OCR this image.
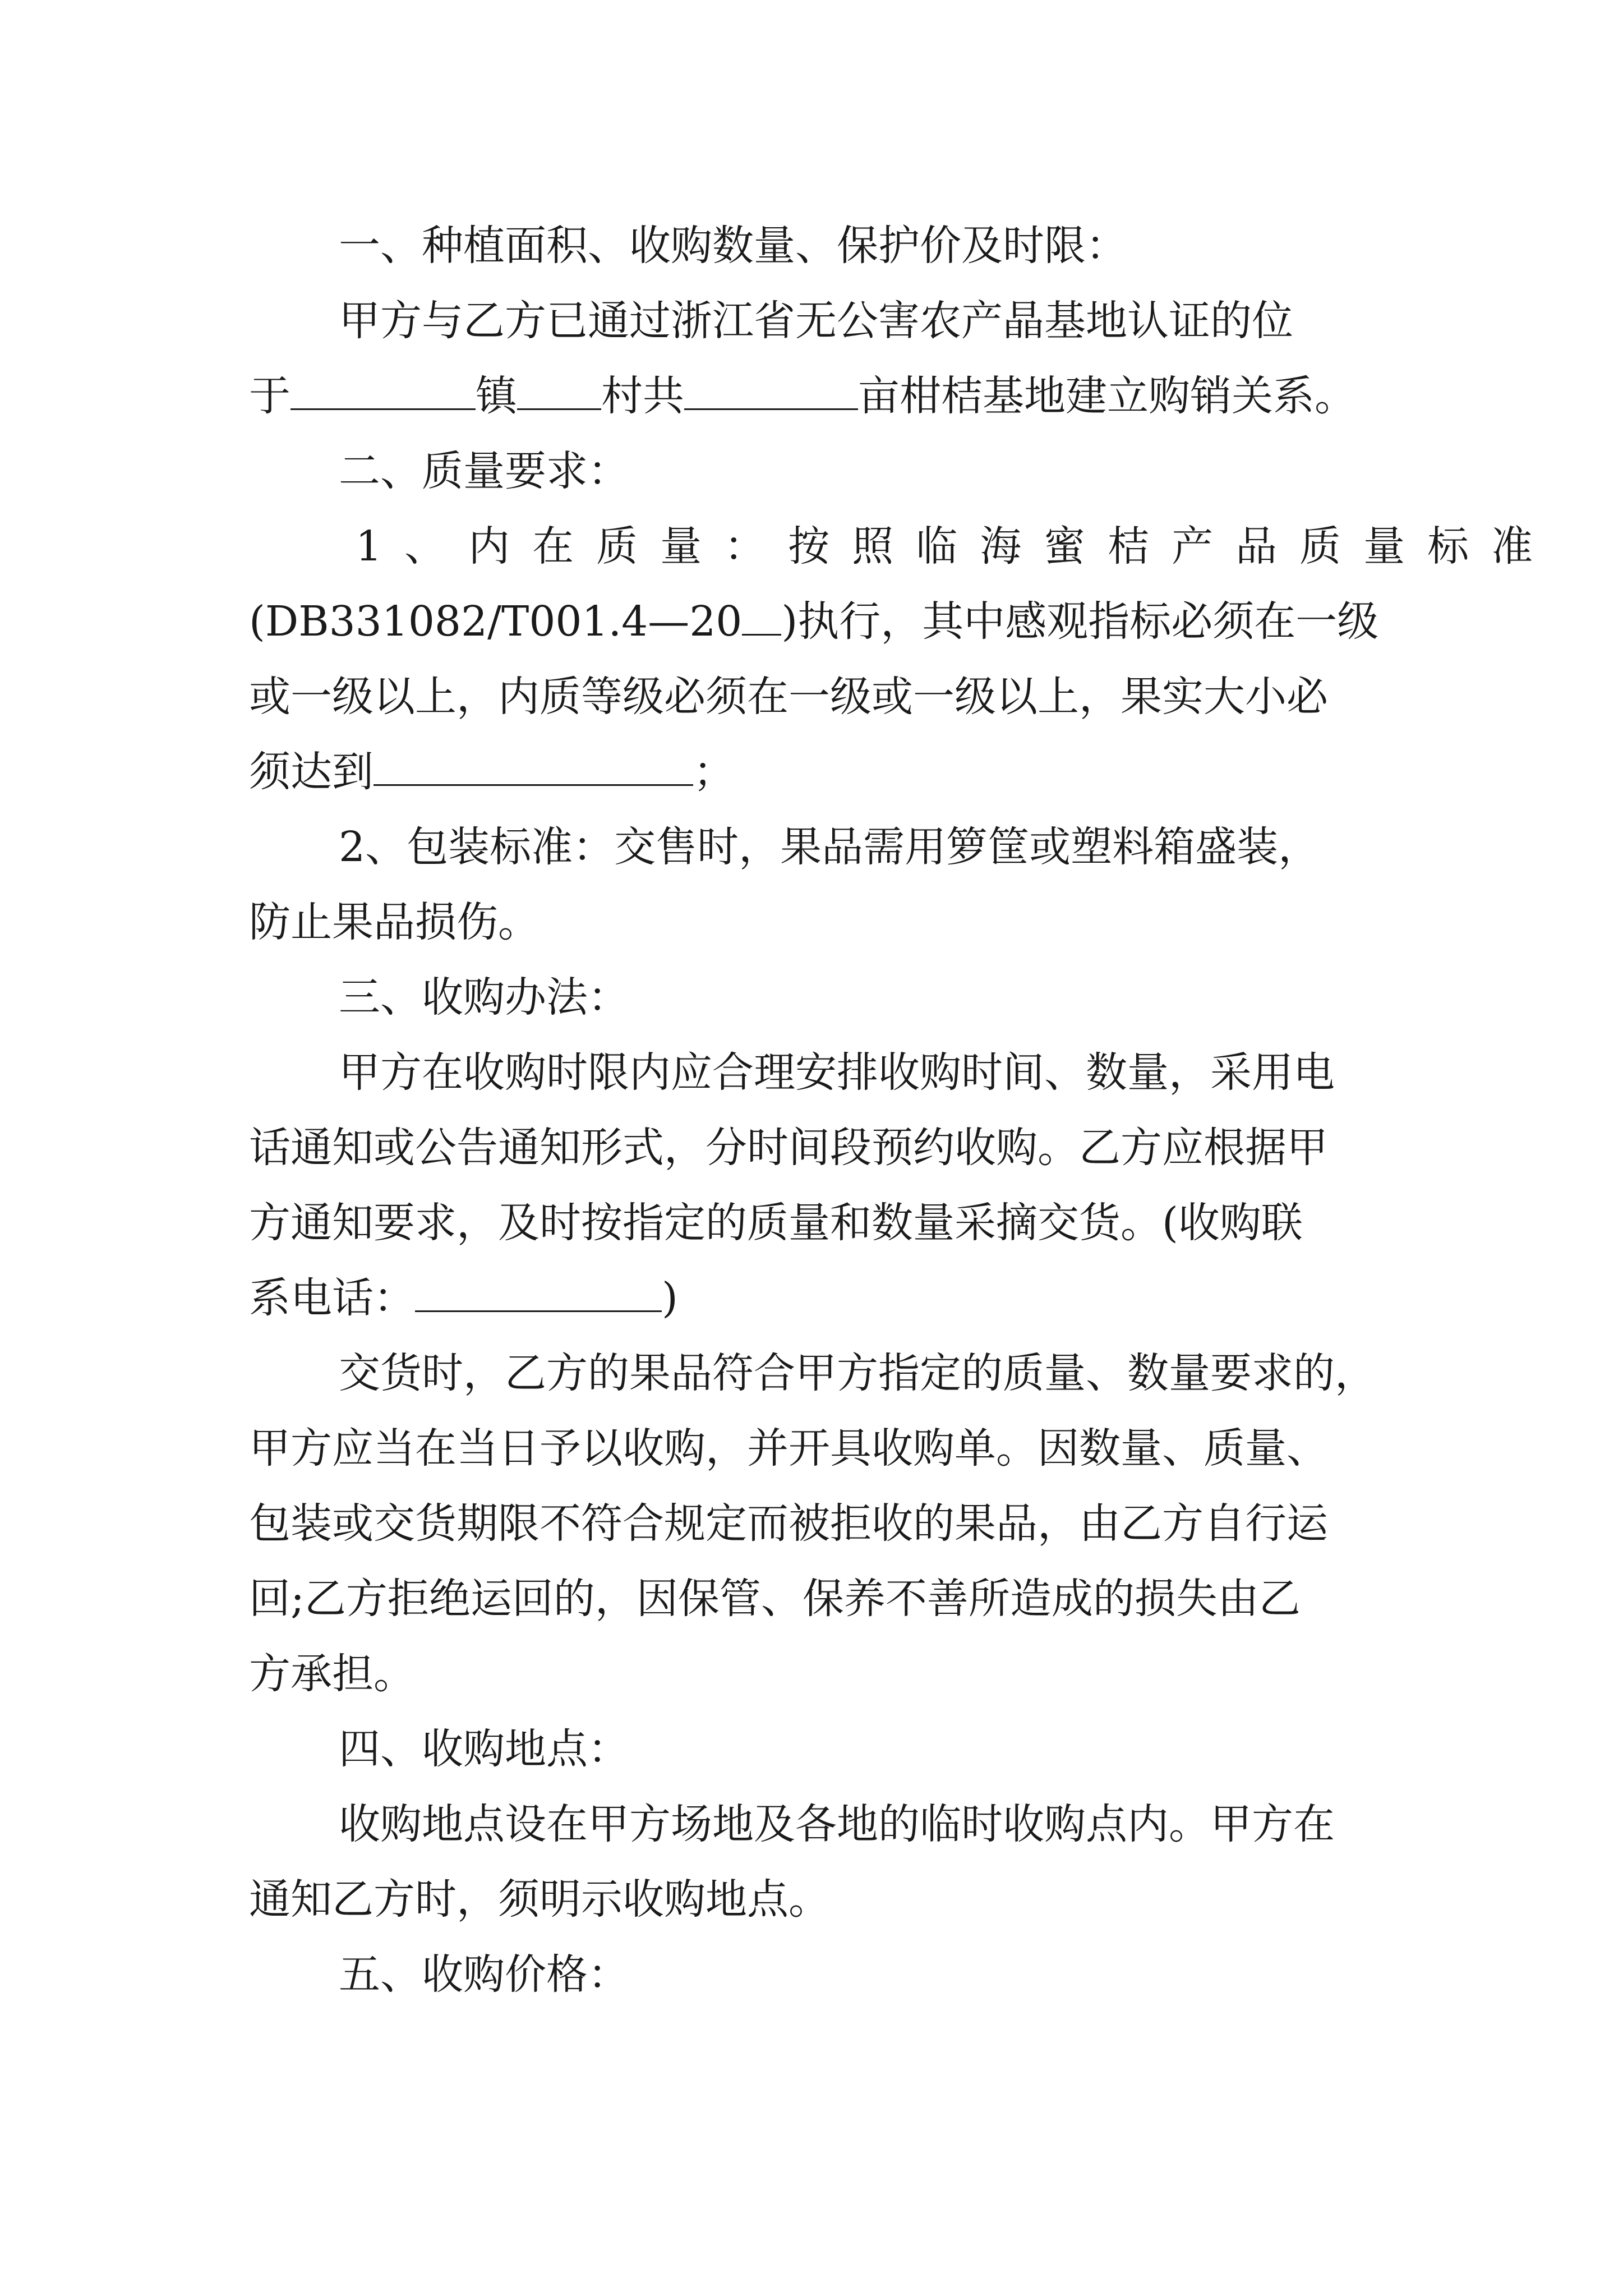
一、种植面积、收购数量、保护价及时限：
甲方与乙方已通过浙江省无公害农产晶基地认证的位
于	镇 村共	亩柑桔基地建立购销关系。
二、质量要求：
1、内在质量：按照临海蜜桔产品质量标准
(DB331082/T001.4—20 )执行，其中感观指标必须在一级
或一级以上，内质等级必须在一级或一级以上，果实大小必
须达到	；
2、包装标准：交售时，果品需用箩筐或塑料箱盛装，
防止果品损伤。
三、收购办法：
甲方在收购时限内应合理安排收购时间、数量，采用电
话通知或公告通知形式，分时间段预约收购。乙方应根据甲
方通知要求，及时按指定的质量和数量采摘交货。(收购联
系电话：	)
交货时，乙方的果品符合甲方指定的质量、数量要求的，
甲方应当在当日予以收购，并开具收购单。因数量、质量、
包装或交货期限不符合规定而被拒收的果品，由乙方自行运
回;乙方拒绝运回的，因保管、保养不善所造成的损失由乙
方承担。
四、收购地点：
收购地点设在甲方场地及各地的临时收购点内。甲方在
通知乙方时，须明示收购地点。
五、收购价格：
